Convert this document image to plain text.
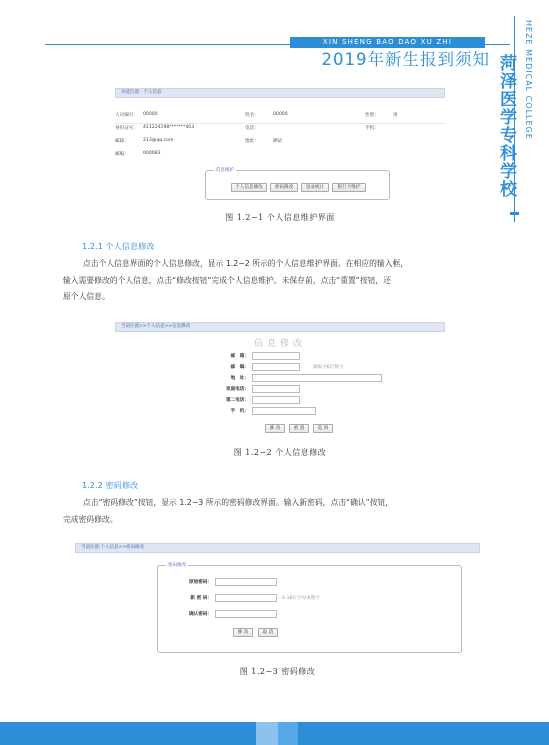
XIN SHENG BAO DAO XU ZHI
2019年新生报到须知	HEZE MEDICAL COLLEGE
菏泽医学专科学校
功能位置：个人信息
人员编号： 00000	姓名：	00000	性别：	男
身份证号： 411224198*******403	电话：	手机：
邮箱：	213@qq.com	地址：	测试
邮编：	000083
信息维护
个人信息修改	密码修改	登录统计	银行卡维护
图 1.2−1 个人信息维护界面
1.2.1 个人信息修改
点击个人信息界面的个人信息修改，显示 1.2−2 所示的个人信息维护界面。在相应的输入框，
输入需要修改的个人信息，点击“修改按钮”完成个人信息维护。未保存前，点击“重置”按钮，还
原个人信息。
当前位置>>个人信息>>信息修改
信息修改
邮　箱：
邮　编：	邮编为6位数字
地　址：
家庭电话：
第二电话：
手　机：
修 改	重 置	返 回
图 1.2−2 个人信息修改
1.2.2 密码修改
点击“密码修改”按钮，显示 1.2−3 所示的密码修改界面。输入新密码，点击“确认”按钮，
完成密码修改。
当前位置:个人信息>>密码修改
密码修改
原始密码：
新 密 码：	6-18位字母或数字
确认密码：
修 改	取 消
图 1.2−3 密码修改
